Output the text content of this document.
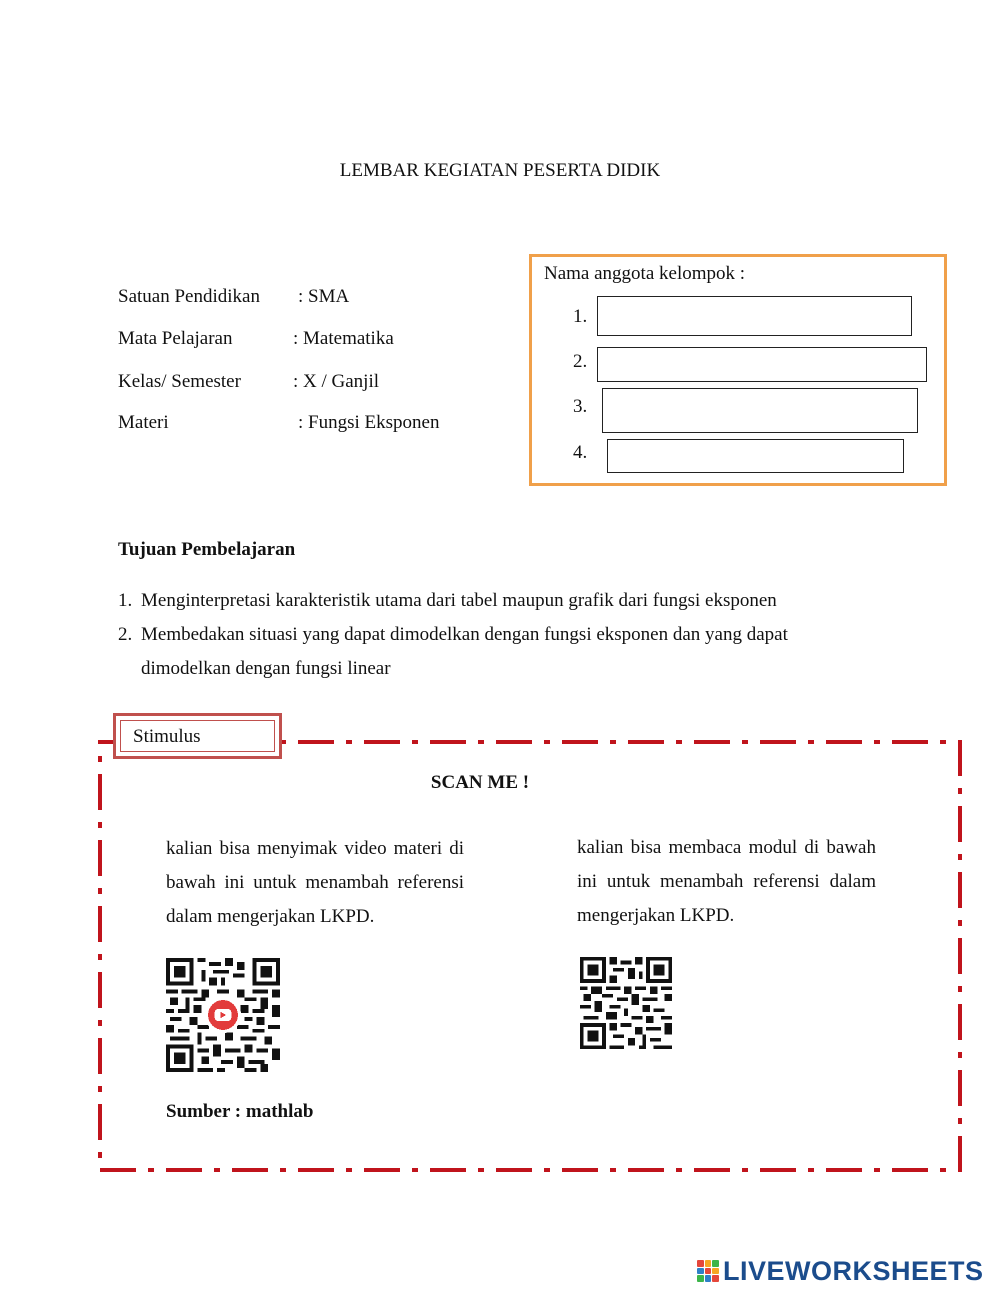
LEMBAR KEGIATAN PESERTA DIDIK
Satuan Pendidikan : SMA
Mata Pelajaran	: Matematika
Kelas/ Semester	: X / Ganjil
Materi	: Fungsi Eksponen
Nama anggota kelompok :
1.
2.
3.
4.
Tujuan Pembelajaran
1. Menginterpretasi karakteristik utama dari tabel maupun grafik dari fungsi eksponen
2. Membedakan situasi yang dapat dimodelkan dengan fungsi eksponen dan yang dapat dimodelkan dengan fungsi linear
Stimulus
SCAN ME !
kalian bisa menyimak video materi di bawah ini untuk menambah referensi dalam mengerjakan LKPD.
kalian bisa membaca modul di bawah ini untuk menambah referensi dalam mengerjakan LKPD.
Sumber : mathlab
LIVEWORKSHEETS
